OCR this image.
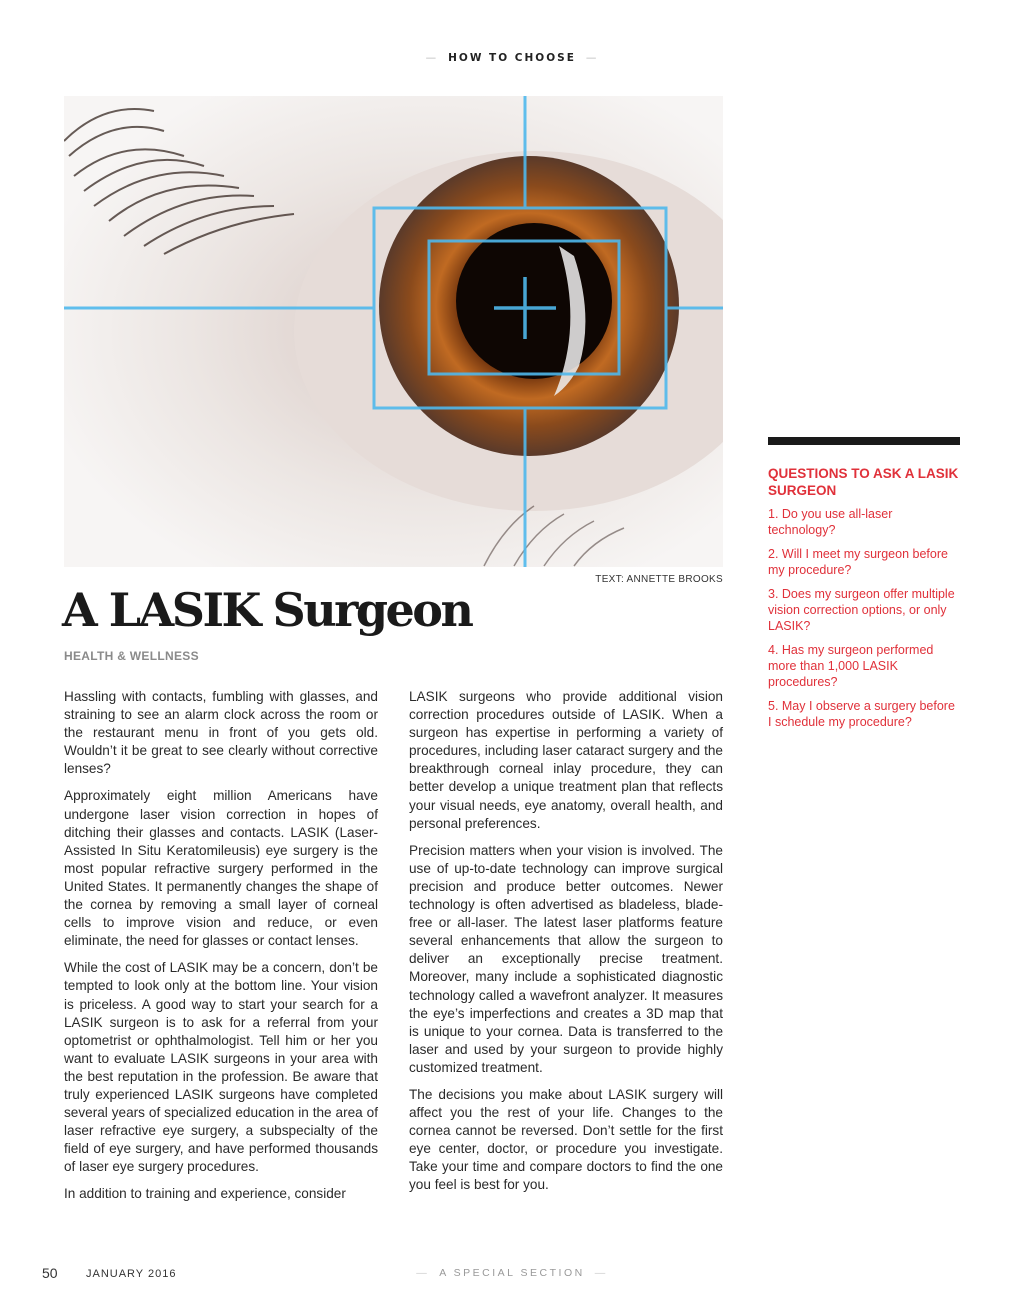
— HOW TO CHOOSE —
TEXT: ANNETTE BROOKS
A LASIK Surgeon
HEALTH & WELLNESS

Hassling with contacts, fumbling with glasses, and straining to see an alarm clock across the room or the restaurant menu in front of you gets old. Wouldn’t it be great to see clearly without corrective lenses?

Approximately eight million Americans have undergone laser vision correction in hopes of ditching their glasses and contacts. LASIK (Laser-Assisted In Situ Keratomileusis) eye surgery is the most popular refractive surgery performed in the United States. It permanently changes the shape of the cornea by removing a small layer of corneal cells to improve vision and reduce, or even eliminate, the need for glasses or contact lenses.

While the cost of LASIK may be a concern, don’t be tempted to look only at the bottom line. Your vision is priceless. A good way to start your search for a LASIK surgeon is to ask for a referral from your optometrist or ophthalmologist. Tell him or her you want to evaluate LASIK surgeons in your area with the best reputation in the profession. Be aware that truly experienced LASIK surgeons have completed several years of specialized education in the area of laser refractive eye surgery, a subspecialty of the field of eye surgery, and have performed thousands of laser eye surgery procedures.

In addition to training and experience, consider

LASIK surgeons who provide additional vision correction procedures outside of LASIK. When a surgeon has expertise in performing a variety of procedures, including laser cataract surgery and the breakthrough corneal inlay procedure, they can better develop a unique treatment plan that reflects your visual needs, eye anatomy, overall health, and personal preferences.

Precision matters when your vision is involved. The use of up-to-date technology can improve surgical precision and produce better outcomes. Newer technology is often advertised as bladeless, blade-free or all-laser. The latest laser platforms feature several enhancements that allow the surgeon to deliver an exceptionally precise treatment. Moreover, many include a sophisticated diagnostic technology called a wavefront analyzer. It measures the eye’s imperfections and creates a 3D map that is unique to your cornea. Data is transferred to the laser and used by your surgeon to provide highly customized treatment.

The decisions you make about LASIK surgery will affect you the rest of your life. Changes to the cornea cannot be reversed. Don’t settle for the first eye center, doctor, or procedure you investigate. Take your time and compare doctors to find the one you feel is best for you.

QUESTIONS TO ASK A LASIK SURGEON
1. Do you use all-laser technology?
2. Will I meet my surgeon before my procedure?
3. Does my surgeon offer multiple vision correction options, or only LASIK?
4. Has my surgeon performed more than 1,000 LASIK procedures?
5. May I observe a surgery before I schedule my procedure?
50	JANUARY 2016	— A SPECIAL SECTION —
